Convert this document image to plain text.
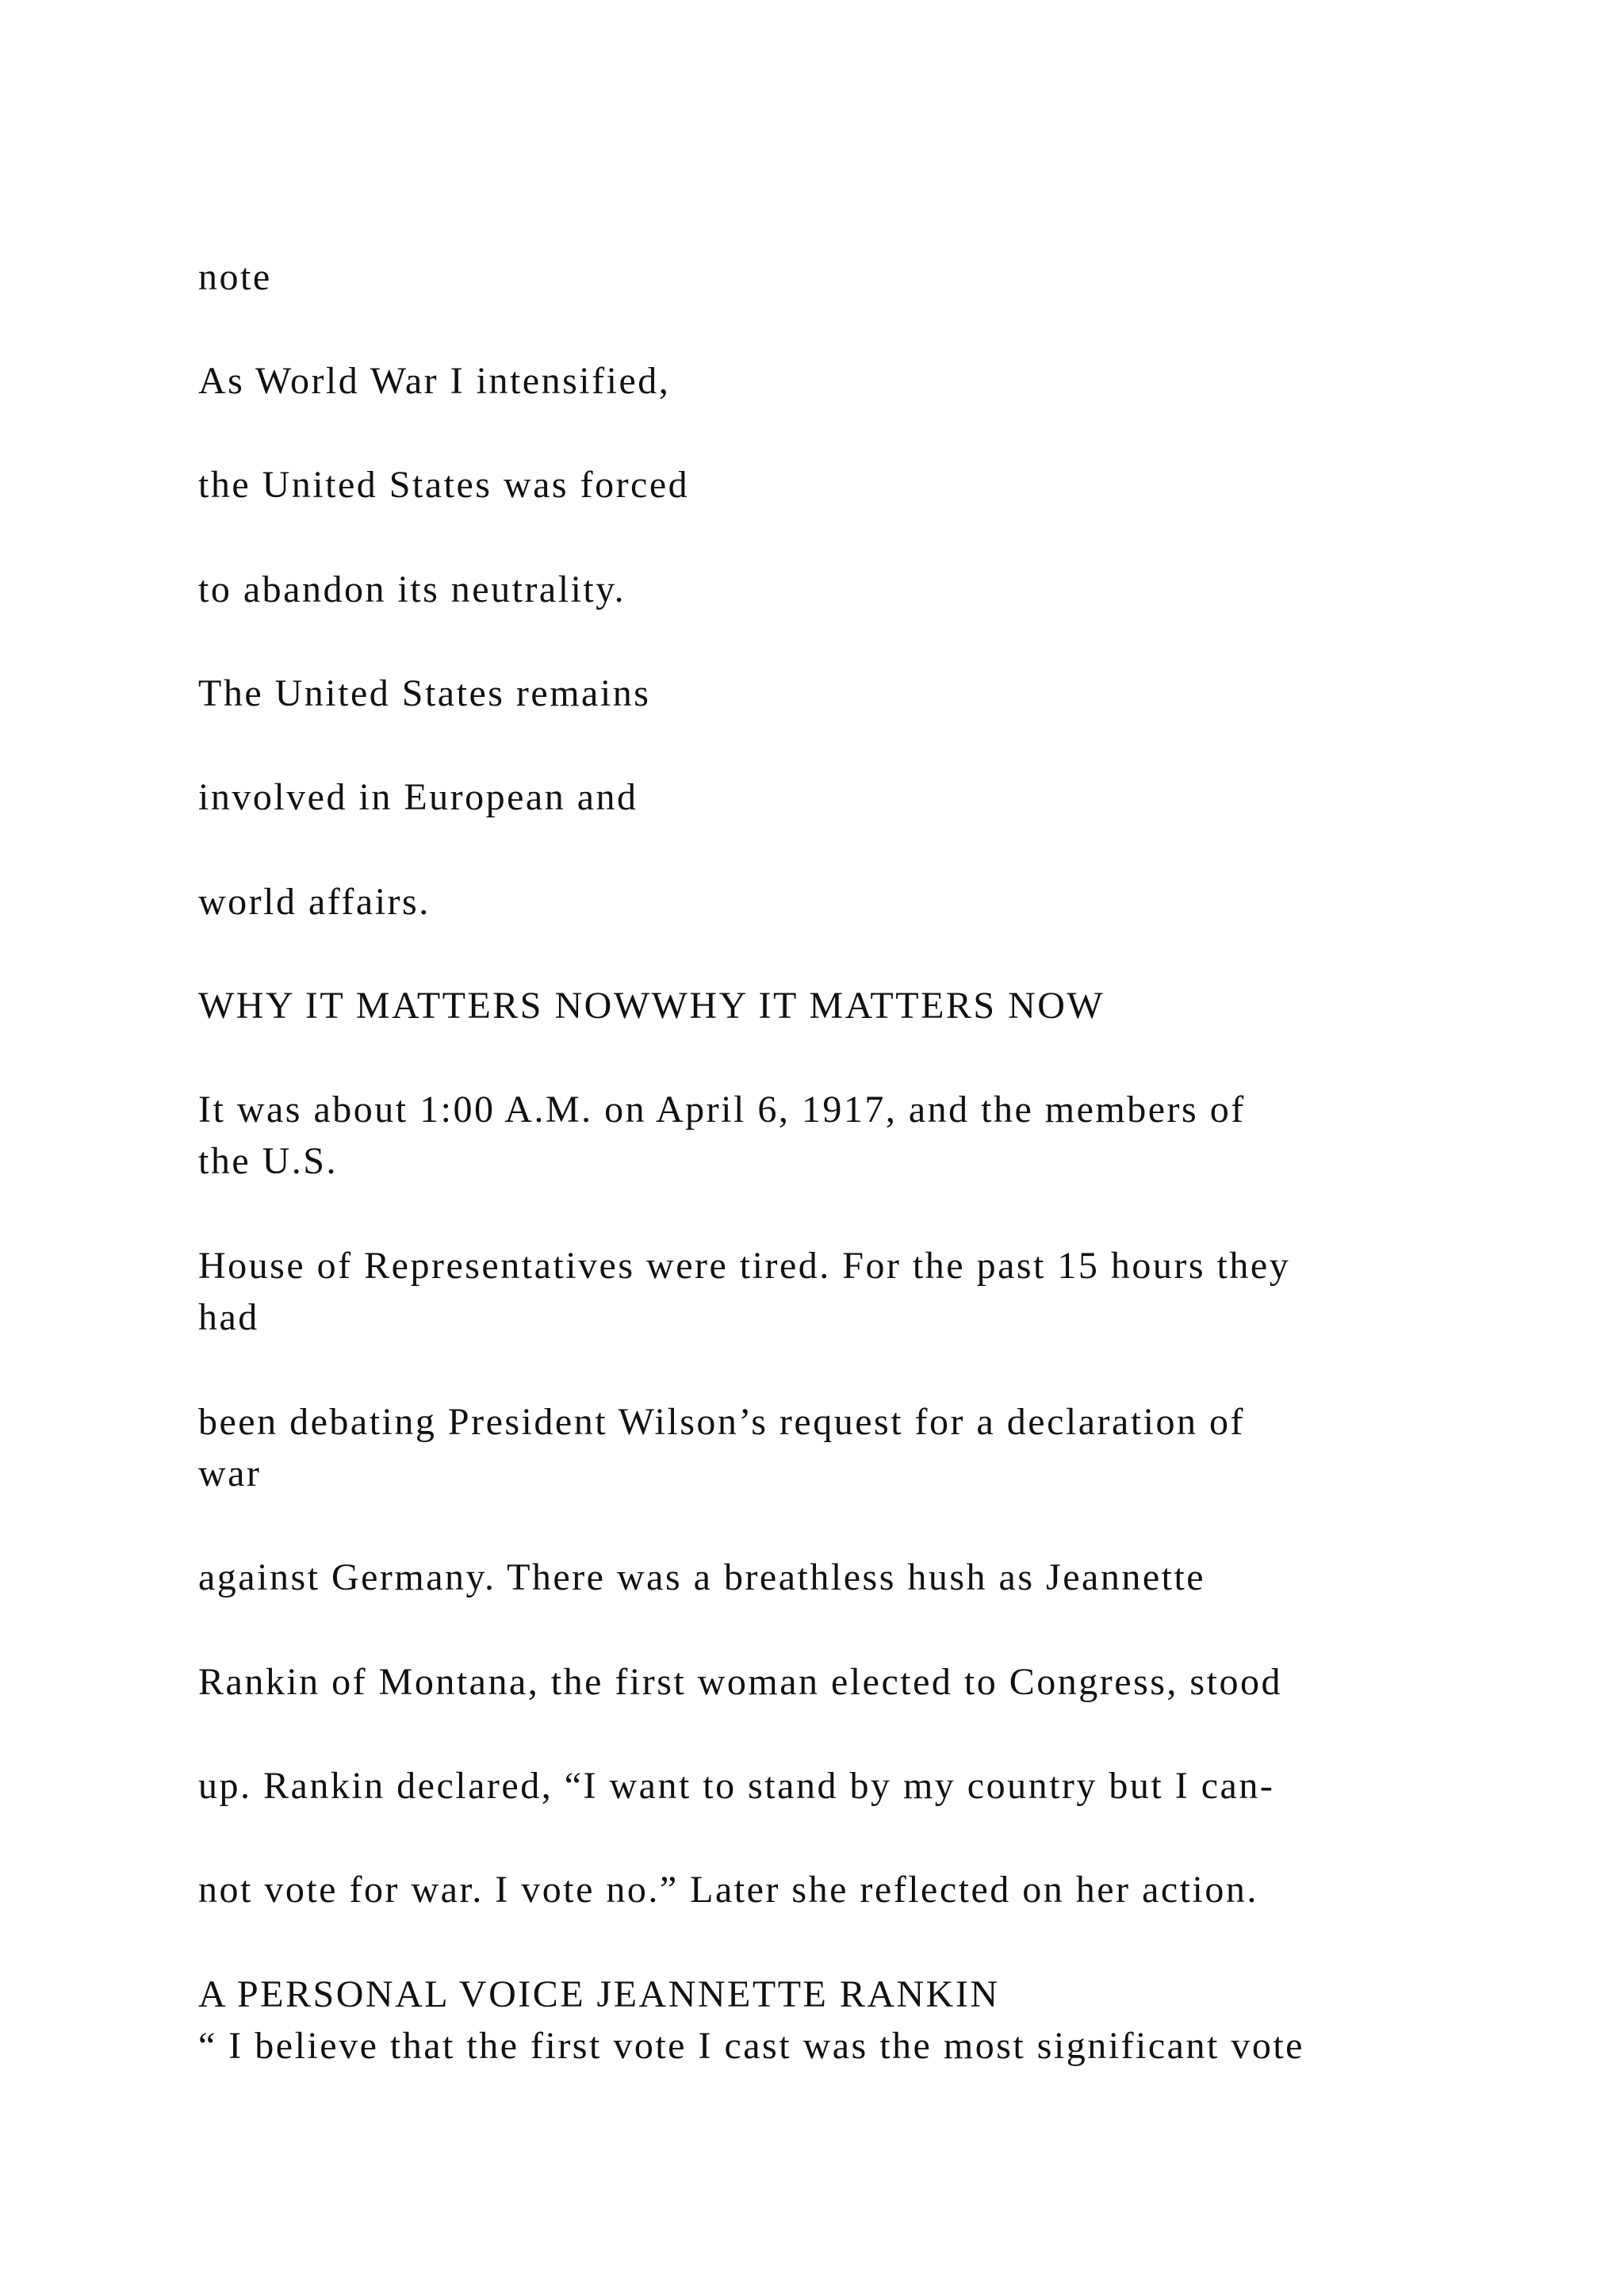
note

As World War I intensified,

the United States was forced

to abandon its neutrality.

The United States remains

involved in European and

world affairs.

WHY IT MATTERS NOWWHY IT MATTERS NOW

It was about 1:00 A.M. on April 6, 1917, and the members of

the U.S.

House of Representatives were tired. For the past 15 hours they

had

been debating President Wilson’s request for a declaration of

war

against Germany. There was a breathless hush as Jeannette

Rankin of Montana, the first woman elected to Congress, stood

up. Rankin declared, “I want to stand by my country but I can-

not vote for war. I vote no.” Later she reflected on her action.

A PERSONAL VOICE JEANNETTE RANKIN

“ I believe that the first vote I cast was the most significant vote
